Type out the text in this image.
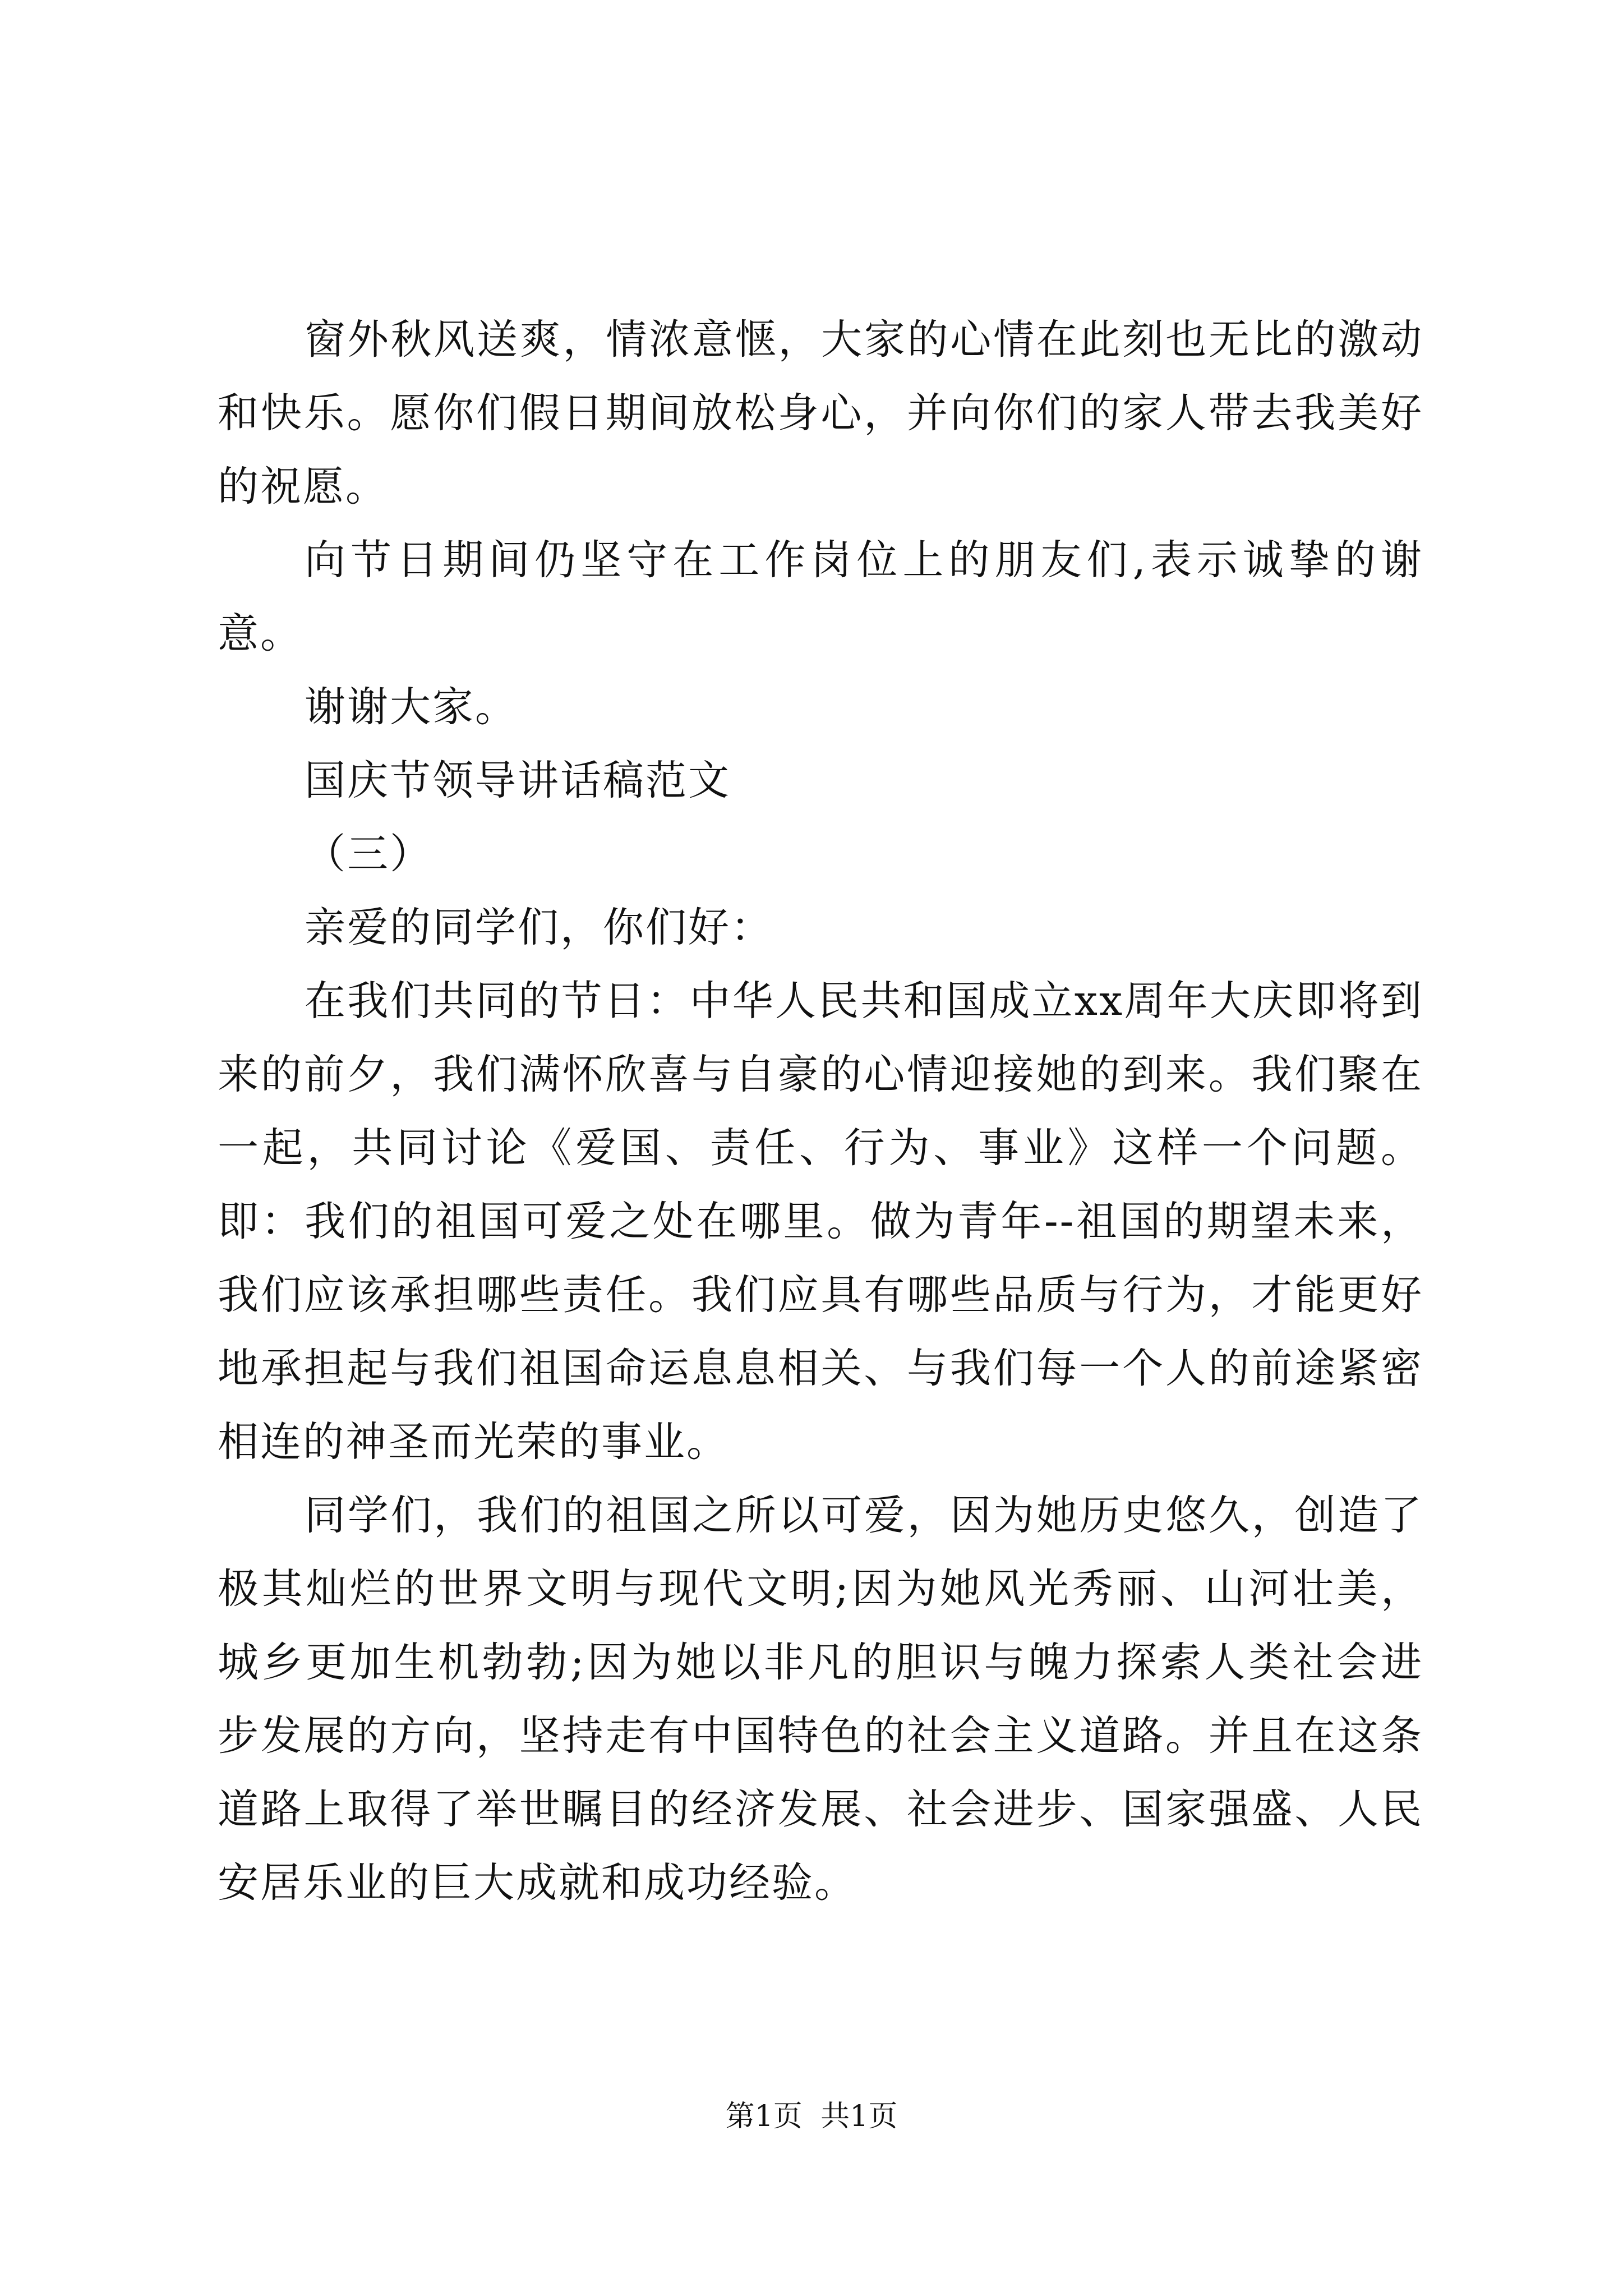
窗外秋风送爽，情浓意惬，大家的心情在此刻也无比的激动和快乐。愿你们假日期间放松身心，并向你们的家人带去我美好的祝愿。

向节日期间仍坚守在工作岗位上的朋友们,表示诚挚的谢意。

谢谢大家。

国庆节领导讲话稿范文

（三）

亲爱的同学们，你们好：

在我们共同的节日：中华人民共和国成立xx周年大庆即将到来的前夕，我们满怀欣喜与自豪的心情迎接她的到来。我们聚在一起，共同讨论《爱国、责任、行为、事业》这样一个问题。即：我们的祖国可爱之处在哪里。做为青年--祖国的期望未来，我们应该承担哪些责任。我们应具有哪些品质与行为，才能更好地承担起与我们祖国命运息息相关、与我们每一个人的前途紧密相连的神圣而光荣的事业。

同学们，我们的祖国之所以可爱，因为她历史悠久，创造了极其灿烂的世界文明与现代文明;因为她风光秀丽、山河壮美，城乡更加生机勃勃;因为她以非凡的胆识与魄力探索人类社会进步发展的方向，坚持走有中国特色的社会主义道路。并且在这条道路上取得了举世瞩目的经济发展、社会进步、国家强盛、人民安居乐业的巨大成就和成功经验。

第1页 共1页
